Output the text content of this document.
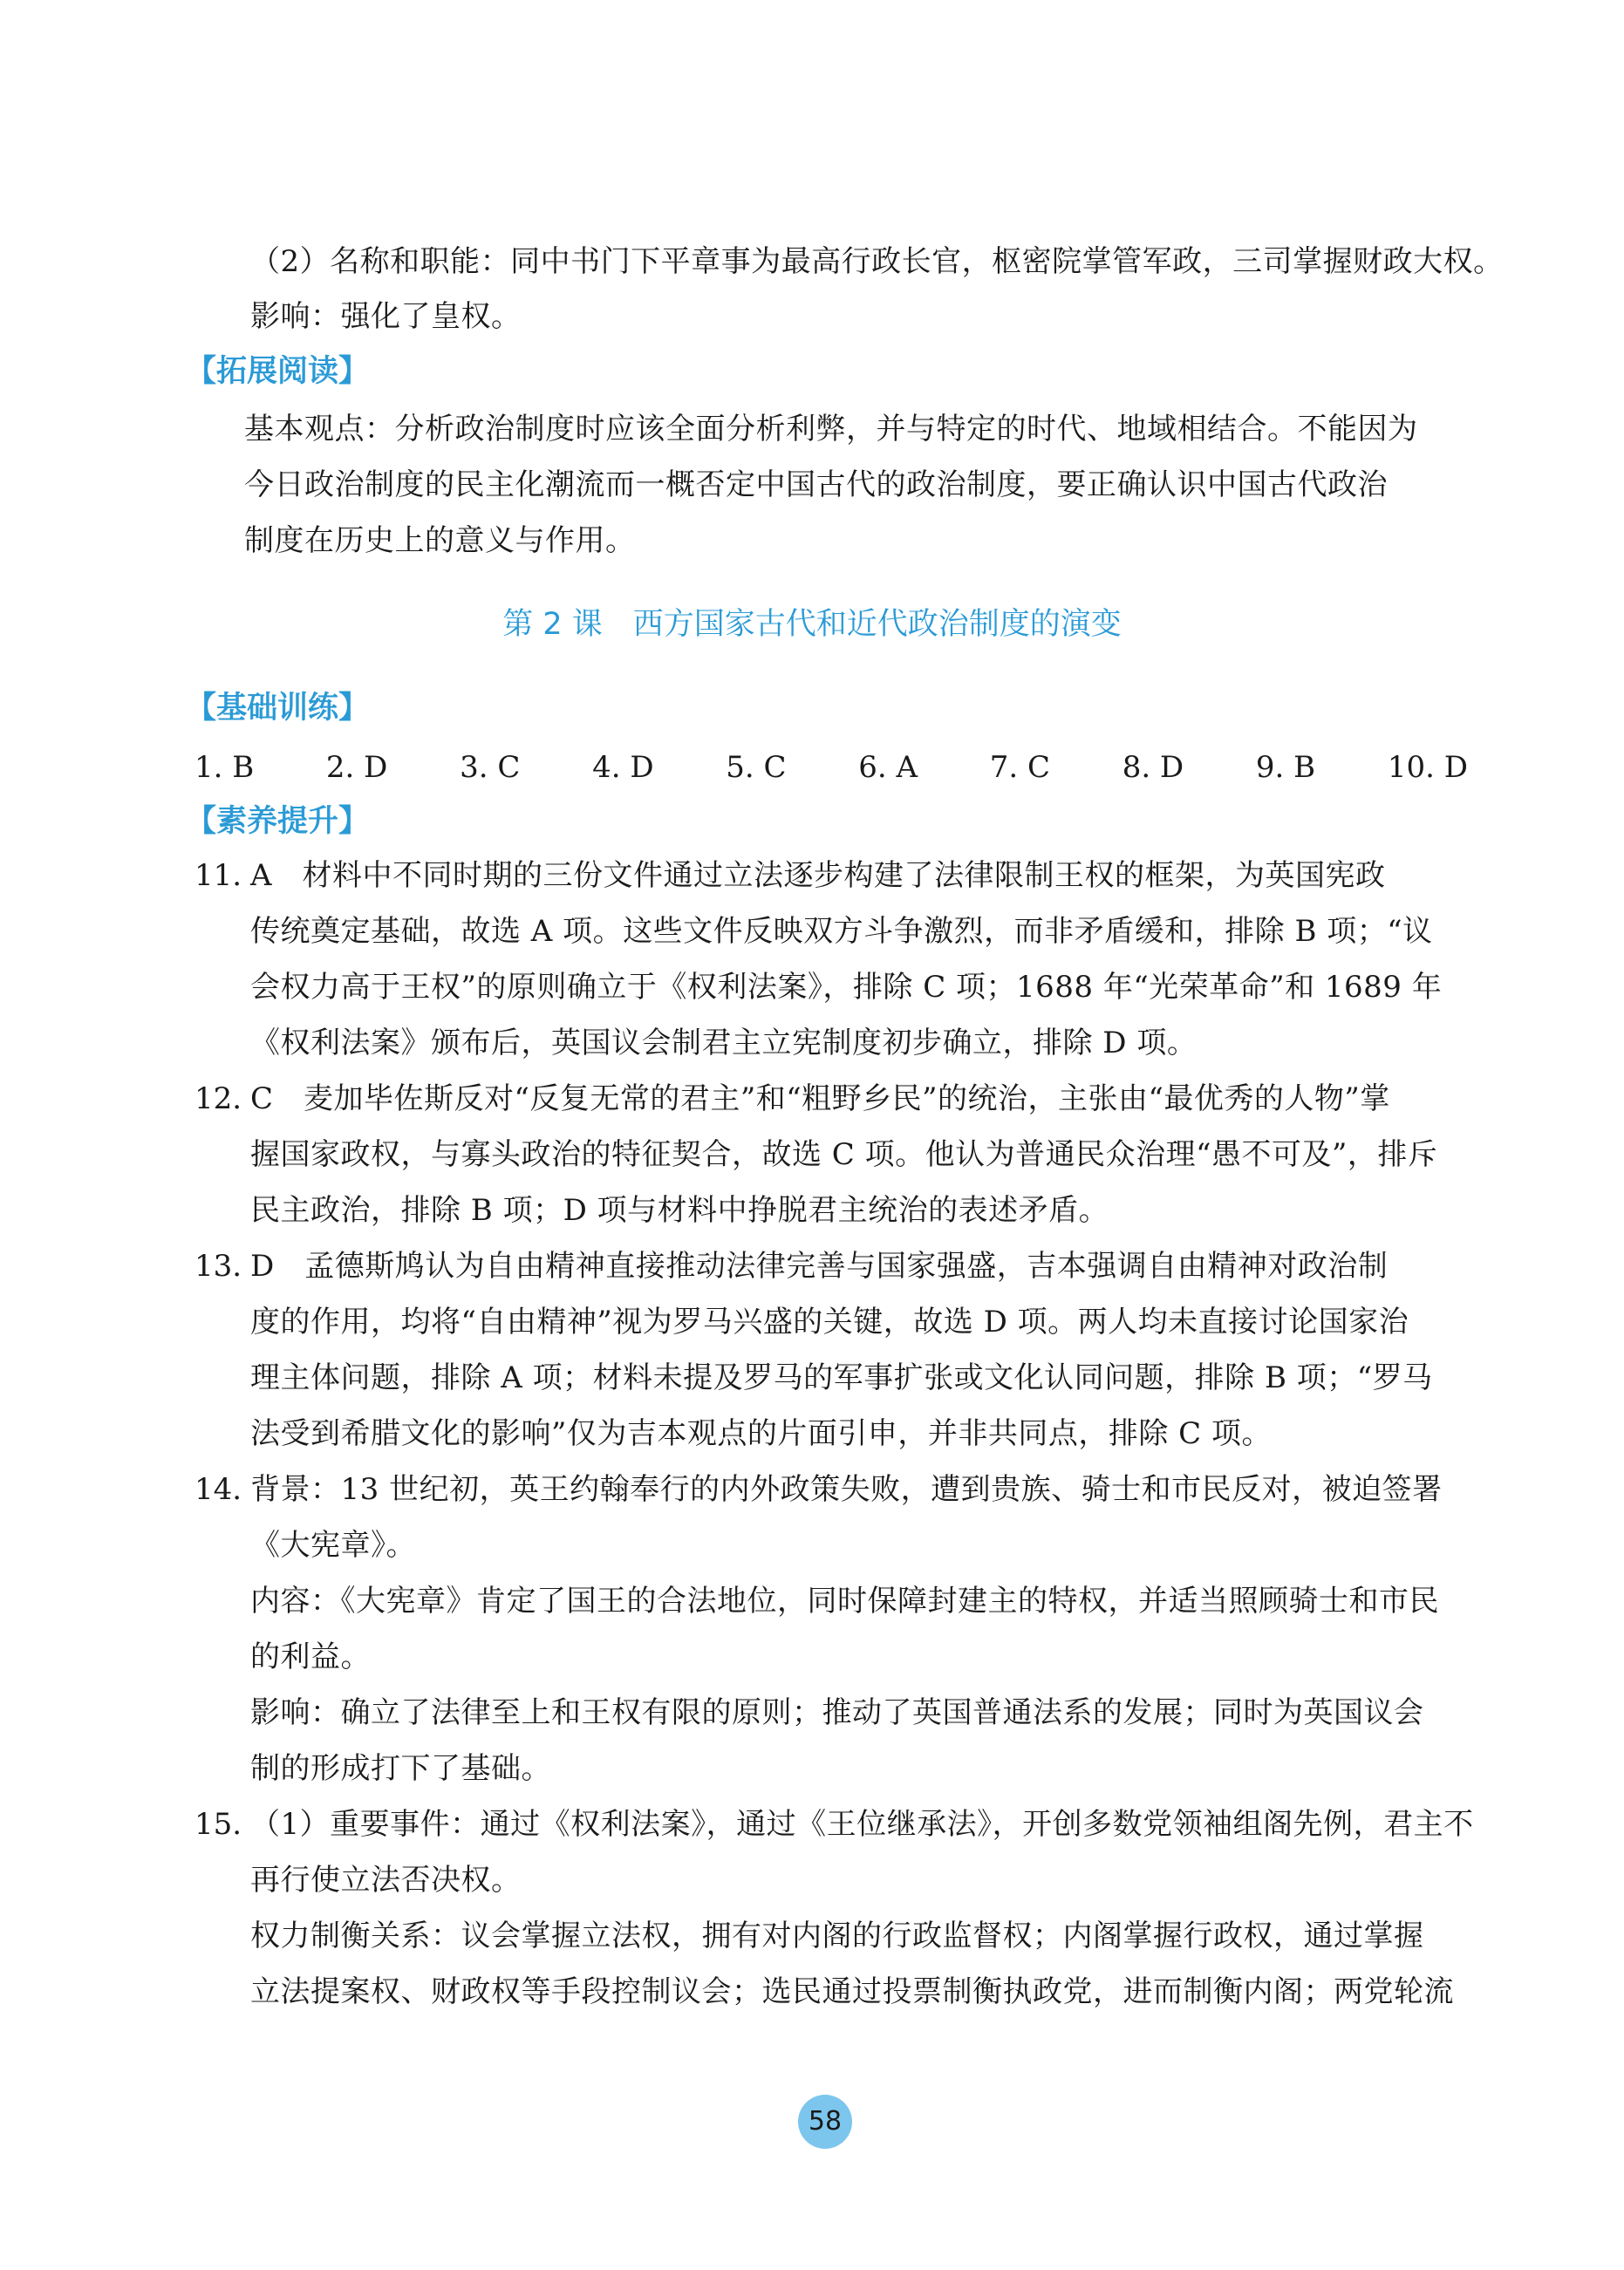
（2）名称和职能：同中书门下平章事为最高行政长官，枢密院掌管军政，三司掌握财政大权。
影响：强化了皇权。
【拓展阅读】
基本观点：分析政治制度时应该全面分析利弊，并与特定的时代、地域相结合。不能因为
今日政治制度的民主化潮流而一概否定中国古代的政治制度，要正确认识中国古代政治
制度在历史上的意义与作用。
第 2 课　西方国家古代和近代政治制度的演变
【基础训练】
1. B 2. D 3. C 4. D 5. C 6. A 7. C 8. D 9. B 10. D
【素养提升】
11. A　材料中不同时期的三份文件通过立法逐步构建了法律限制王权的框架，为英国宪政
传统奠定基础，故选 A 项。这些文件反映双方斗争激烈，而非矛盾缓和，排除 B 项；“议
会权力高于王权”的原则确立于《权利法案》，排除 C 项；1688 年“光荣革命”和 1689 年
《权利法案》颁布后，英国议会制君主立宪制度初步确立，排除 D 项。
12. C　麦加毕佐斯反对“反复无常的君主”和“粗野乡民”的统治，主张由“最优秀的人物”掌
握国家政权，与寡头政治的特征契合，故选 C 项。他认为普通民众治理“愚不可及”，排斥
民主政治，排除 B 项；D 项与材料中挣脱君主统治的表述矛盾。
13. D　孟德斯鸠认为自由精神直接推动法律完善与国家强盛，吉本强调自由精神对政治制
度的作用，均将“自由精神”视为罗马兴盛的关键，故选 D 项。两人均未直接讨论国家治
理主体问题，排除 A 项；材料未提及罗马的军事扩张或文化认同问题，排除 B 项；“罗马
法受到希腊文化的影响”仅为吉本观点的片面引申，并非共同点，排除 C 项。
14. 背景：13 世纪初，英王约翰奉行的内外政策失败，遭到贵族、骑士和市民反对，被迫签署
《大宪章》。
内容：《大宪章》肯定了国王的合法地位，同时保障封建主的特权，并适当照顾骑士和市民
的利益。
影响：确立了法律至上和王权有限的原则；推动了英国普通法系的发展；同时为英国议会
制的形成打下了基础。
15. （1）重要事件：通过《权利法案》，通过《王位继承法》，开创多数党领袖组阁先例，君主不
再行使立法否决权。
权力制衡关系：议会掌握立法权，拥有对内阁的行政监督权；内阁掌握行政权，通过掌握
立法提案权、财政权等手段控制议会；选民通过投票制衡执政党，进而制衡内阁；两党轮流
58
